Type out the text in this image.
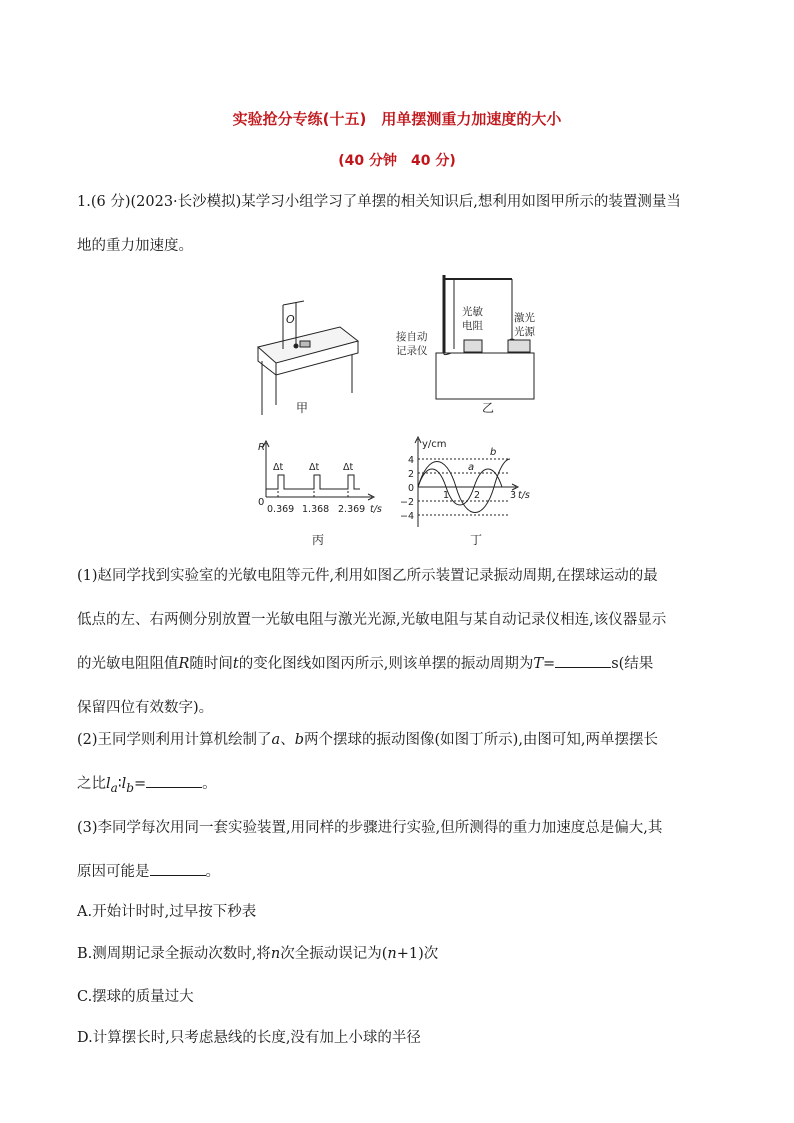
实验抢分专练(十五)　用单摆测重力加速度的大小
(40 分钟　40 分)
1.(6 分)(2023·长沙模拟)某学习小组学习了单摆的相关知识后,想利用如图甲所示的装置测量当
地的重力加速度。
O
甲
接自动
记录仪
光敏
电阻
激光
光源
乙
R
0
Δt	Δt	Δt
0.369 1.368 2.369 t/s
丙
y/cm
4
2
0
−2
−4
1	2	3 t/s
a
b
丁
(1)赵同学找到实验室的光敏电阻等元件,利用如图乙所示装置记录振动周期,在摆球运动的最
低点的左、右两侧分别放置一光敏电阻与激光光源,光敏电阻与某自动记录仪相连,该仪器显示
的光敏电阻阻值R随时间t的变化图线如图丙所示,则该单摆的振动周期为T=	s(结果
保留四位有效数字)。
(2)王同学则利用计算机绘制了a、b两个摆球的振动图像(如图丁所示),由图可知,两单摆摆长
之比$l_a∶l_b=$	。
(3)李同学每次用同一套实验装置,用同样的步骤进行实验,但所测得的重力加速度总是偏大,其
原因可能是	。
A.开始计时时,过早按下秒表
B.测周期记录全振动次数时,将n次全振动误记为(n+1)次
C.摆球的质量过大
D.计算摆长时,只考虑悬线的长度,没有加上小球的半径
